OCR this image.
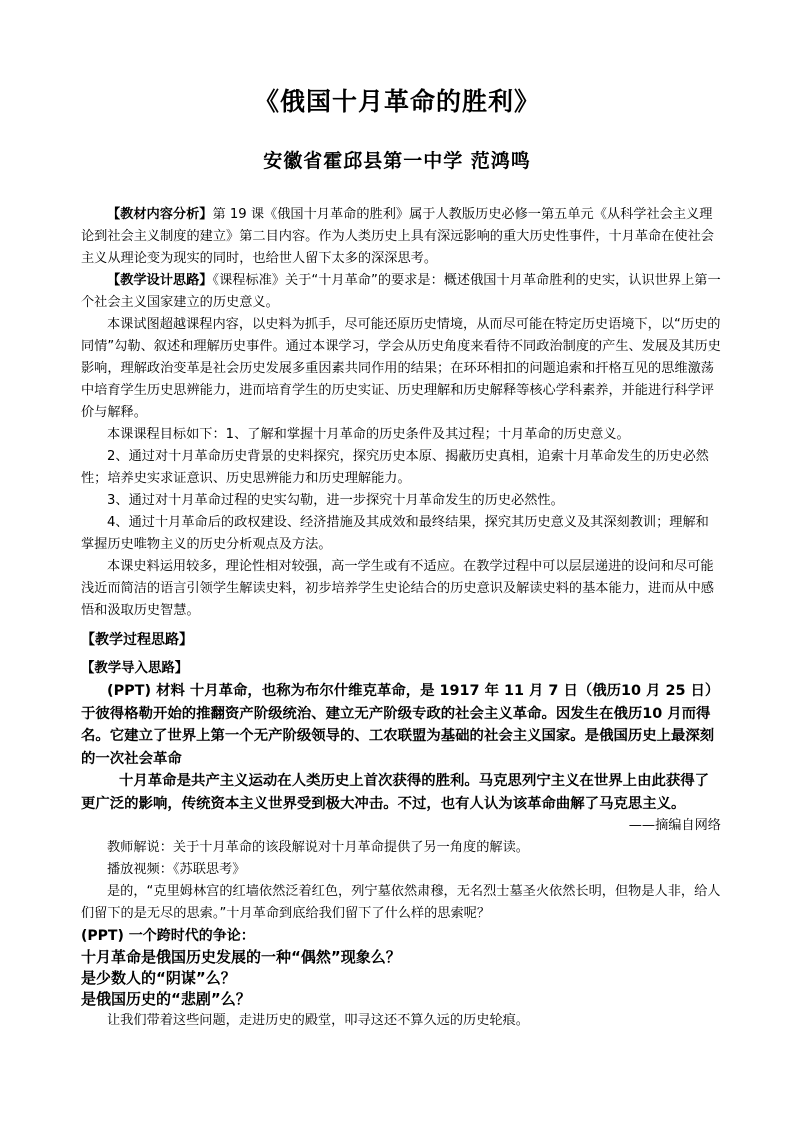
《俄国十月革命的胜利》
安徽省霍邱县第一中学 范鸿鸣

【教材内容分析】第 19 课《俄国十月革命的胜利》属于人教版历史必修一第五单元《从科学社会主义理论到社会主义制度的建立》第二目内容。作为人类历史上具有深远影响的重大历史性事件，十月革命在使社会主义从理论变为现实的同时，也给世人留下太多的深深思考。

【教学设计思路】《课程标准》关于“十月革命”的要求是：概述俄国十月革命胜利的史实，认识世界上第一个社会主义国家建立的历史意义。

本课试图超越课程内容，以史料为抓手，尽可能还原历史情境，从而尽可能在特定历史语境下，以“历史的同情”勾勒、叙述和理解历史事件。通过本课学习，学会从历史角度来看待不同政治制度的产生、发展及其历史影响，理解政治变革是社会历史发展多重因素共同作用的结果；在环环相扣的问题追索和扞格互见的思维激荡中培育学生历史思辨能力，进而培育学生的历史实证、历史理解和历史解释等核心学科素养，并能进行科学评价与解释。

本课课程目标如下：1、了解和掌握十月革命的历史条件及其过程；十月革命的历史意义。

2、通过对十月革命历史背景的史料探究，探究历史本原、揭蔽历史真相，追索十月革命发生的历史必然性；培养史实求证意识、历史思辨能力和历史理解能力。

3、通过对十月革命过程的史实勾勒，进一步探究十月革命发生的历史必然性。

4、通过十月革命后的政权建设、经济措施及其成效和最终结果，探究其历史意义及其深刻教训；理解和掌握历史唯物主义的历史分析观点及方法。

本课史料运用较多，理论性相对较强，高一学生或有不适应。在教学过程中可以层层递进的设问和尽可能浅近而简洁的语言引领学生解读史料，初步培养学生史论结合的历史意识及解读史料的基本能力，进而从中感悟和汲取历史智慧。

【教学过程思路】

【教学导入思路】

(PPT) 材料 十月革命，也称为布尔什维克革命，是 1917 年 11 月 7 日（俄历10 月 25 日）于彼得格勒开始的推翻资产阶级统治、建立无产阶级专政的社会主义革命。因发生在俄历10 月而得名。它建立了世界上第一个无产阶级领导的、工农联盟为基础的社会主义国家。是俄国历史上最深刻的一次社会革命

十月革命是共产主义运动在人类历史上首次获得的胜利。马克思列宁主义在世界上由此获得了更广泛的影响，传统资本主义世界受到极大冲击。不过，也有人认为该革命曲解了马克思主义。

——摘编自网络

教师解说：关于十月革命的该段解说对十月革命提供了另一角度的解读。

播放视频：《苏联思考》

是的，“克里姆林宫的红墙依然泛着红色，列宁墓依然肃穆，无名烈士墓圣火依然长明，但物是人非，给人们留下的是无尽的思索。”十月革命到底给我们留下了什么样的思索呢？

(PPT) 一个跨时代的争论：

十月革命是俄国历史发展的一种“偶然”现象么？

是少数人的“阴谋”么？

是俄国历史的“悲剧”么？

让我们带着这些问题，走进历史的殿堂，叩寻这还不算久远的历史轮痕。
